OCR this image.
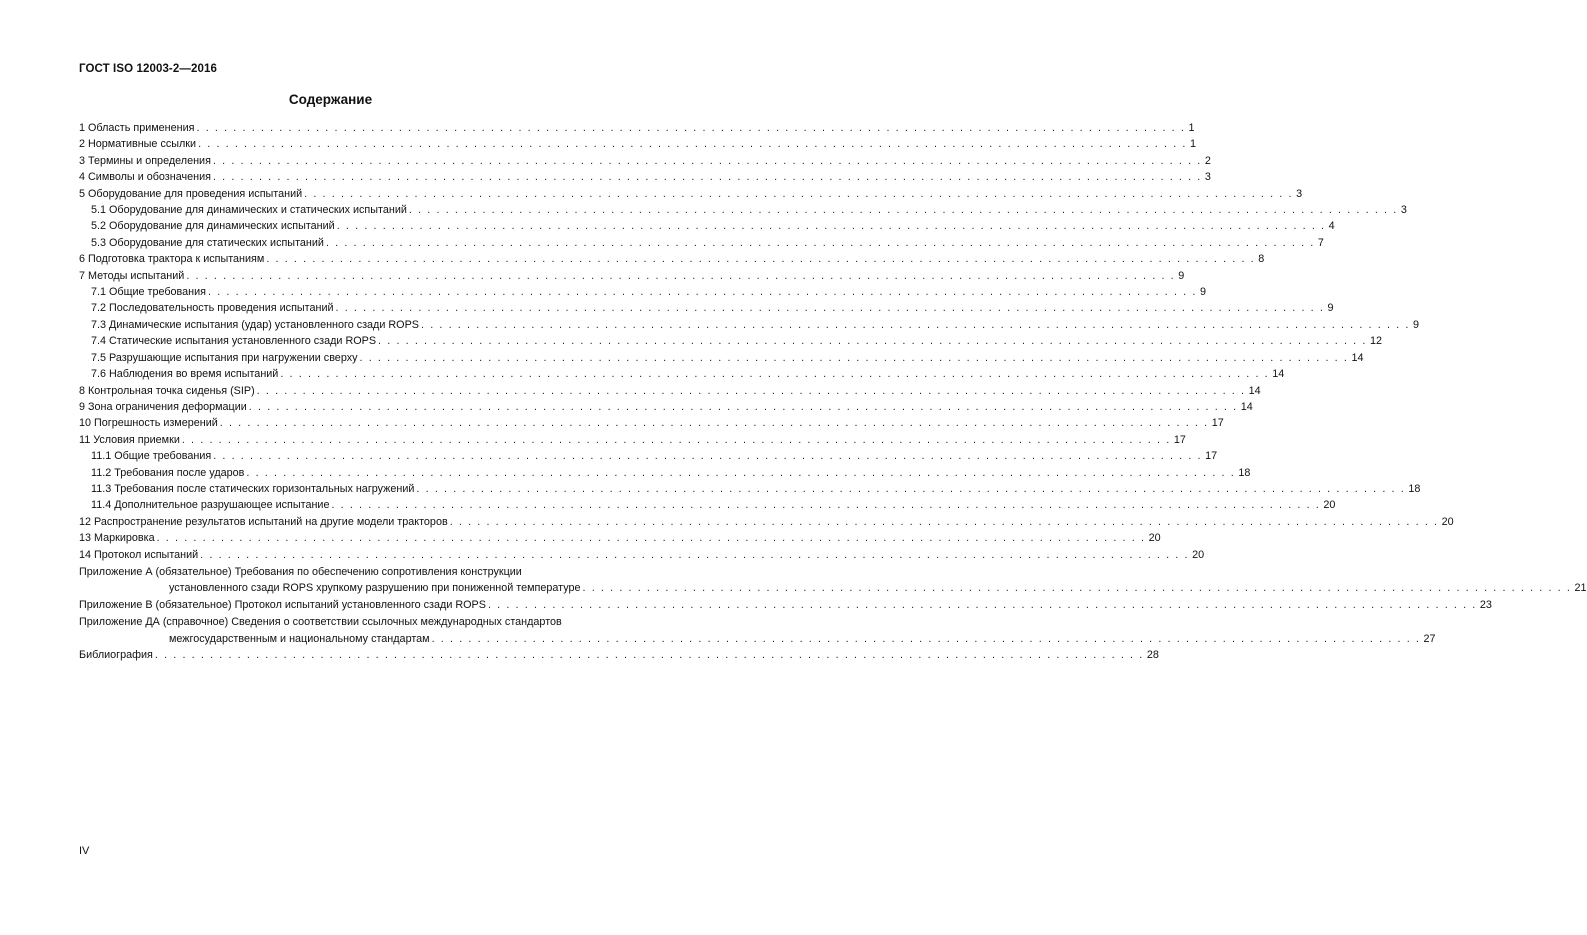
ГОСТ ISO 12003-2—2016
Содержание
1 Область применения . . . . . . . . . . . . . . . . . . . . . . . . . . . . . . . . . . . . . . . . . . . . . . . . . . . . . . . . . . . . . . . . . . . . . . . . . . . . . . . . . . . . . . . . . . . . . . . . . . . . . . . . . . . . 1
2 Нормативные ссылки . . . . . . . . . . . . . . . . . . . . . . . . . . . . . . . . . . . . . . . . . . . . . . . . . . . . . . . . . . . . . . . . . . . . . . . . . . . . . . . . . . . . . . . . . . . . . . . . . . . . . . . . . . . . 1
3 Термины и определения . . . . . . . . . . . . . . . . . . . . . . . . . . . . . . . . . . . . . . . . . . . . . . . . . . . . . . . . . . . . . . . . . . . . . . . . . . . . . . . . . . . . . . . . . . . . . . . . . . . . . . . . . . . . 2
4 Символы и обозначения . . . . . . . . . . . . . . . . . . . . . . . . . . . . . . . . . . . . . . . . . . . . . . . . . . . . . . . . . . . . . . . . . . . . . . . . . . . . . . . . . . . . . . . . . . . . . . . . . . . . . . . . . . . . 3
5 Оборудование для проведения испытаний . . . . . . . . . . . . . . . . . . . . . . . . . . . . . . . . . . . . . . . . . . . . . . . . . . . . . . . . . . . . . . . . . . . . . . . . . . . . . . . . . . . . . . . . . . . . . . . . . . . . . . . . . . . . 3
5.1 Оборудование для динамических и статических испытаний . . . . . . . . . . . . . . . . . . . . . . . . . . . . . . . . . . . . . . . . . . . . . . . . . . . . . . . . . . . . . . . . . . . . . . . . . . . . . . . . . . . . . . . . . . . . . . . . . . . . . . . . . . . . 3
5.2 Оборудование для динамических испытаний . . . . . . . . . . . . . . . . . . . . . . . . . . . . . . . . . . . . . . . . . . . . . . . . . . . . . . . . . . . . . . . . . . . . . . . . . . . . . . . . . . . . . . . . . . . . . . . . . . . . . . . . . . . . 4
5.3 Оборудование для статических испытаний . . . . . . . . . . . . . . . . . . . . . . . . . . . . . . . . . . . . . . . . . . . . . . . . . . . . . . . . . . . . . . . . . . . . . . . . . . . . . . . . . . . . . . . . . . . . . . . . . . . . . . . . . . . . 7
6 Подготовка трактора к испытаниям . . . . . . . . . . . . . . . . . . . . . . . . . . . . . . . . . . . . . . . . . . . . . . . . . . . . . . . . . . . . . . . . . . . . . . . . . . . . . . . . . . . . . . . . . . . . . . . . . . . . . . . . . . . . 8
7 Методы испытаний . . . . . . . . . . . . . . . . . . . . . . . . . . . . . . . . . . . . . . . . . . . . . . . . . . . . . . . . . . . . . . . . . . . . . . . . . . . . . . . . . . . . . . . . . . . . . . . . . . . . . . . . . . . . 9
7.1 Общие требования . . . . . . . . . . . . . . . . . . . . . . . . . . . . . . . . . . . . . . . . . . . . . . . . . . . . . . . . . . . . . . . . . . . . . . . . . . . . . . . . . . . . . . . . . . . . . . . . . . . . . . . . . . . . 9
7.2 Последовательность проведения испытаний . . . . . . . . . . . . . . . . . . . . . . . . . . . . . . . . . . . . . . . . . . . . . . . . . . . . . . . . . . . . . . . . . . . . . . . . . . . . . . . . . . . . . . . . . . . . . . . . . . . . . . . . . . . . 9
7.3 Динамические испытания (удар) установленного сзади ROPS . . . . . . . . . . . . . . . . . . . . . . . . . . . . . . . . . . . . . . . . . . . . . . . . . . . . . . . . . . . . . . . . . . . . . . . . . . . . . . . . . . . . . . . . . . . . . . . . . . . . . . . . . . . . 9
7.4 Статические испытания установленного сзади ROPS . . . . . . . . . . . . . . . . . . . . . . . . . . . . . . . . . . . . . . . . . . . . . . . . . . . . . . . . . . . . . . . . . . . . . . . . . . . . . . . . . . . . . . . . . . . . . . . . . . . . . . . . . . . . 12
7.5 Разрушающие испытания при нагружении сверху . . . . . . . . . . . . . . . . . . . . . . . . . . . . . . . . . . . . . . . . . . . . . . . . . . . . . . . . . . . . . . . . . . . . . . . . . . . . . . . . . . . . . . . . . . . . . . . . . . . . . . . . . . . . 14
7.6 Наблюдения во время испытаний . . . . . . . . . . . . . . . . . . . . . . . . . . . . . . . . . . . . . . . . . . . . . . . . . . . . . . . . . . . . . . . . . . . . . . . . . . . . . . . . . . . . . . . . . . . . . . . . . . . . . . . . . . . . 14
8 Контрольная точка сиденья (SIP) . . . . . . . . . . . . . . . . . . . . . . . . . . . . . . . . . . . . . . . . . . . . . . . . . . . . . . . . . . . . . . . . . . . . . . . . . . . . . . . . . . . . . . . . . . . . . . . . . . . . . . . . . . . . 14
9 Зона ограничения деформации . . . . . . . . . . . . . . . . . . . . . . . . . . . . . . . . . . . . . . . . . . . . . . . . . . . . . . . . . . . . . . . . . . . . . . . . . . . . . . . . . . . . . . . . . . . . . . . . . . . . . . . . . . . . 14
10 Погрешность измерений . . . . . . . . . . . . . . . . . . . . . . . . . . . . . . . . . . . . . . . . . . . . . . . . . . . . . . . . . . . . . . . . . . . . . . . . . . . . . . . . . . . . . . . . . . . . . . . . . . . . . . . . . . . . 17
11 Условия приемки . . . . . . . . . . . . . . . . . . . . . . . . . . . . . . . . . . . . . . . . . . . . . . . . . . . . . . . . . . . . . . . . . . . . . . . . . . . . . . . . . . . . . . . . . . . . . . . . . . . . . . . . . . . . 17
11.1 Общие требования . . . . . . . . . . . . . . . . . . . . . . . . . . . . . . . . . . . . . . . . . . . . . . . . . . . . . . . . . . . . . . . . . . . . . . . . . . . . . . . . . . . . . . . . . . . . . . . . . . . . . . . . . . . . 17
11.2 Требования после ударов . . . . . . . . . . . . . . . . . . . . . . . . . . . . . . . . . . . . . . . . . . . . . . . . . . . . . . . . . . . . . . . . . . . . . . . . . . . . . . . . . . . . . . . . . . . . . . . . . . . . . . . . . . . . 18
11.3 Требования после статических горизонтальных нагружений . . . . . . . . . . . . . . . . . . . . . . . . . . . . . . . . . . . . . . . . . . . . . . . . . . . . . . . . . . . . . . . . . . . . . . . . . . . . . . . . . . . . . . . . . . . . . . . . . . . . . . . . . . . . 18
11.4 Дополнительное разрушающее испытание . . . . . . . . . . . . . . . . . . . . . . . . . . . . . . . . . . . . . . . . . . . . . . . . . . . . . . . . . . . . . . . . . . . . . . . . . . . . . . . . . . . . . . . . . . . . . . . . . . . . . . . . . . . . 20
12 Распространение результатов испытаний на другие модели тракторов . . . . . . . . . . . . . . . . . . . . . . . . . . . . . . . . . . . . . . . . . . . . . . . . . . . . . . . . . . . . . . . . . . . . . . . . . . . . . . . . . . . . . . . . . . . . . . . . . . . . . . . . . . . . 20
13 Маркировка . . . . . . . . . . . . . . . . . . . . . . . . . . . . . . . . . . . . . . . . . . . . . . . . . . . . . . . . . . . . . . . . . . . . . . . . . . . . . . . . . . . . . . . . . . . . . . . . . . . . . . . . . . . . 20
14 Протокол испытаний . . . . . . . . . . . . . . . . . . . . . . . . . . . . . . . . . . . . . . . . . . . . . . . . . . . . . . . . . . . . . . . . . . . . . . . . . . . . . . . . . . . . . . . . . . . . . . . . . . . . . . . . . . . . 20
Приложение А (обязательное) Требования по обеспечению сопротивления конструкции
установленного сзади ROPS хрупкому разрушению при пониженной температуре . . . . . . . . . . . . . . . . . . . . . . . . . . . . . . . . . . . . . . . . . . . . . . . . . . . . . . . . . . . . . . . . . . . . . . . . . . . . . . . . . . . . . . . . . . . . . . . . . . . . . . . . . . . . 21
Приложение В (обязательное) Протокол испытаний установленного сзади ROPS . . . . . . . . . . . . . . . . . . . . . . . . . . . . . . . . . . . . . . . . . . . . . . . . . . . . . . . . . . . . . . . . . . . . . . . . . . . . . . . . . . . . . . . . . . . . . . . . . . . . . . . . . . . . 23
Приложение ДА (справочное) Сведения о соответствии ссылочных международных стандартов
межгосударственным и национальному стандартам . . . . . . . . . . . . . . . . . . . . . . . . . . . . . . . . . . . . . . . . . . . . . . . . . . . . . . . . . . . . . . . . . . . . . . . . . . . . . . . . . . . . . . . . . . . . . . . . . . . . . . . . . . . . 27
Библиография . . . . . . . . . . . . . . . . . . . . . . . . . . . . . . . . . . . . . . . . . . . . . . . . . . . . . . . . . . . . . . . . . . . . . . . . . . . . . . . . . . . . . . . . . . . . . . . . . . . . . . . . . . . . 28
IV
